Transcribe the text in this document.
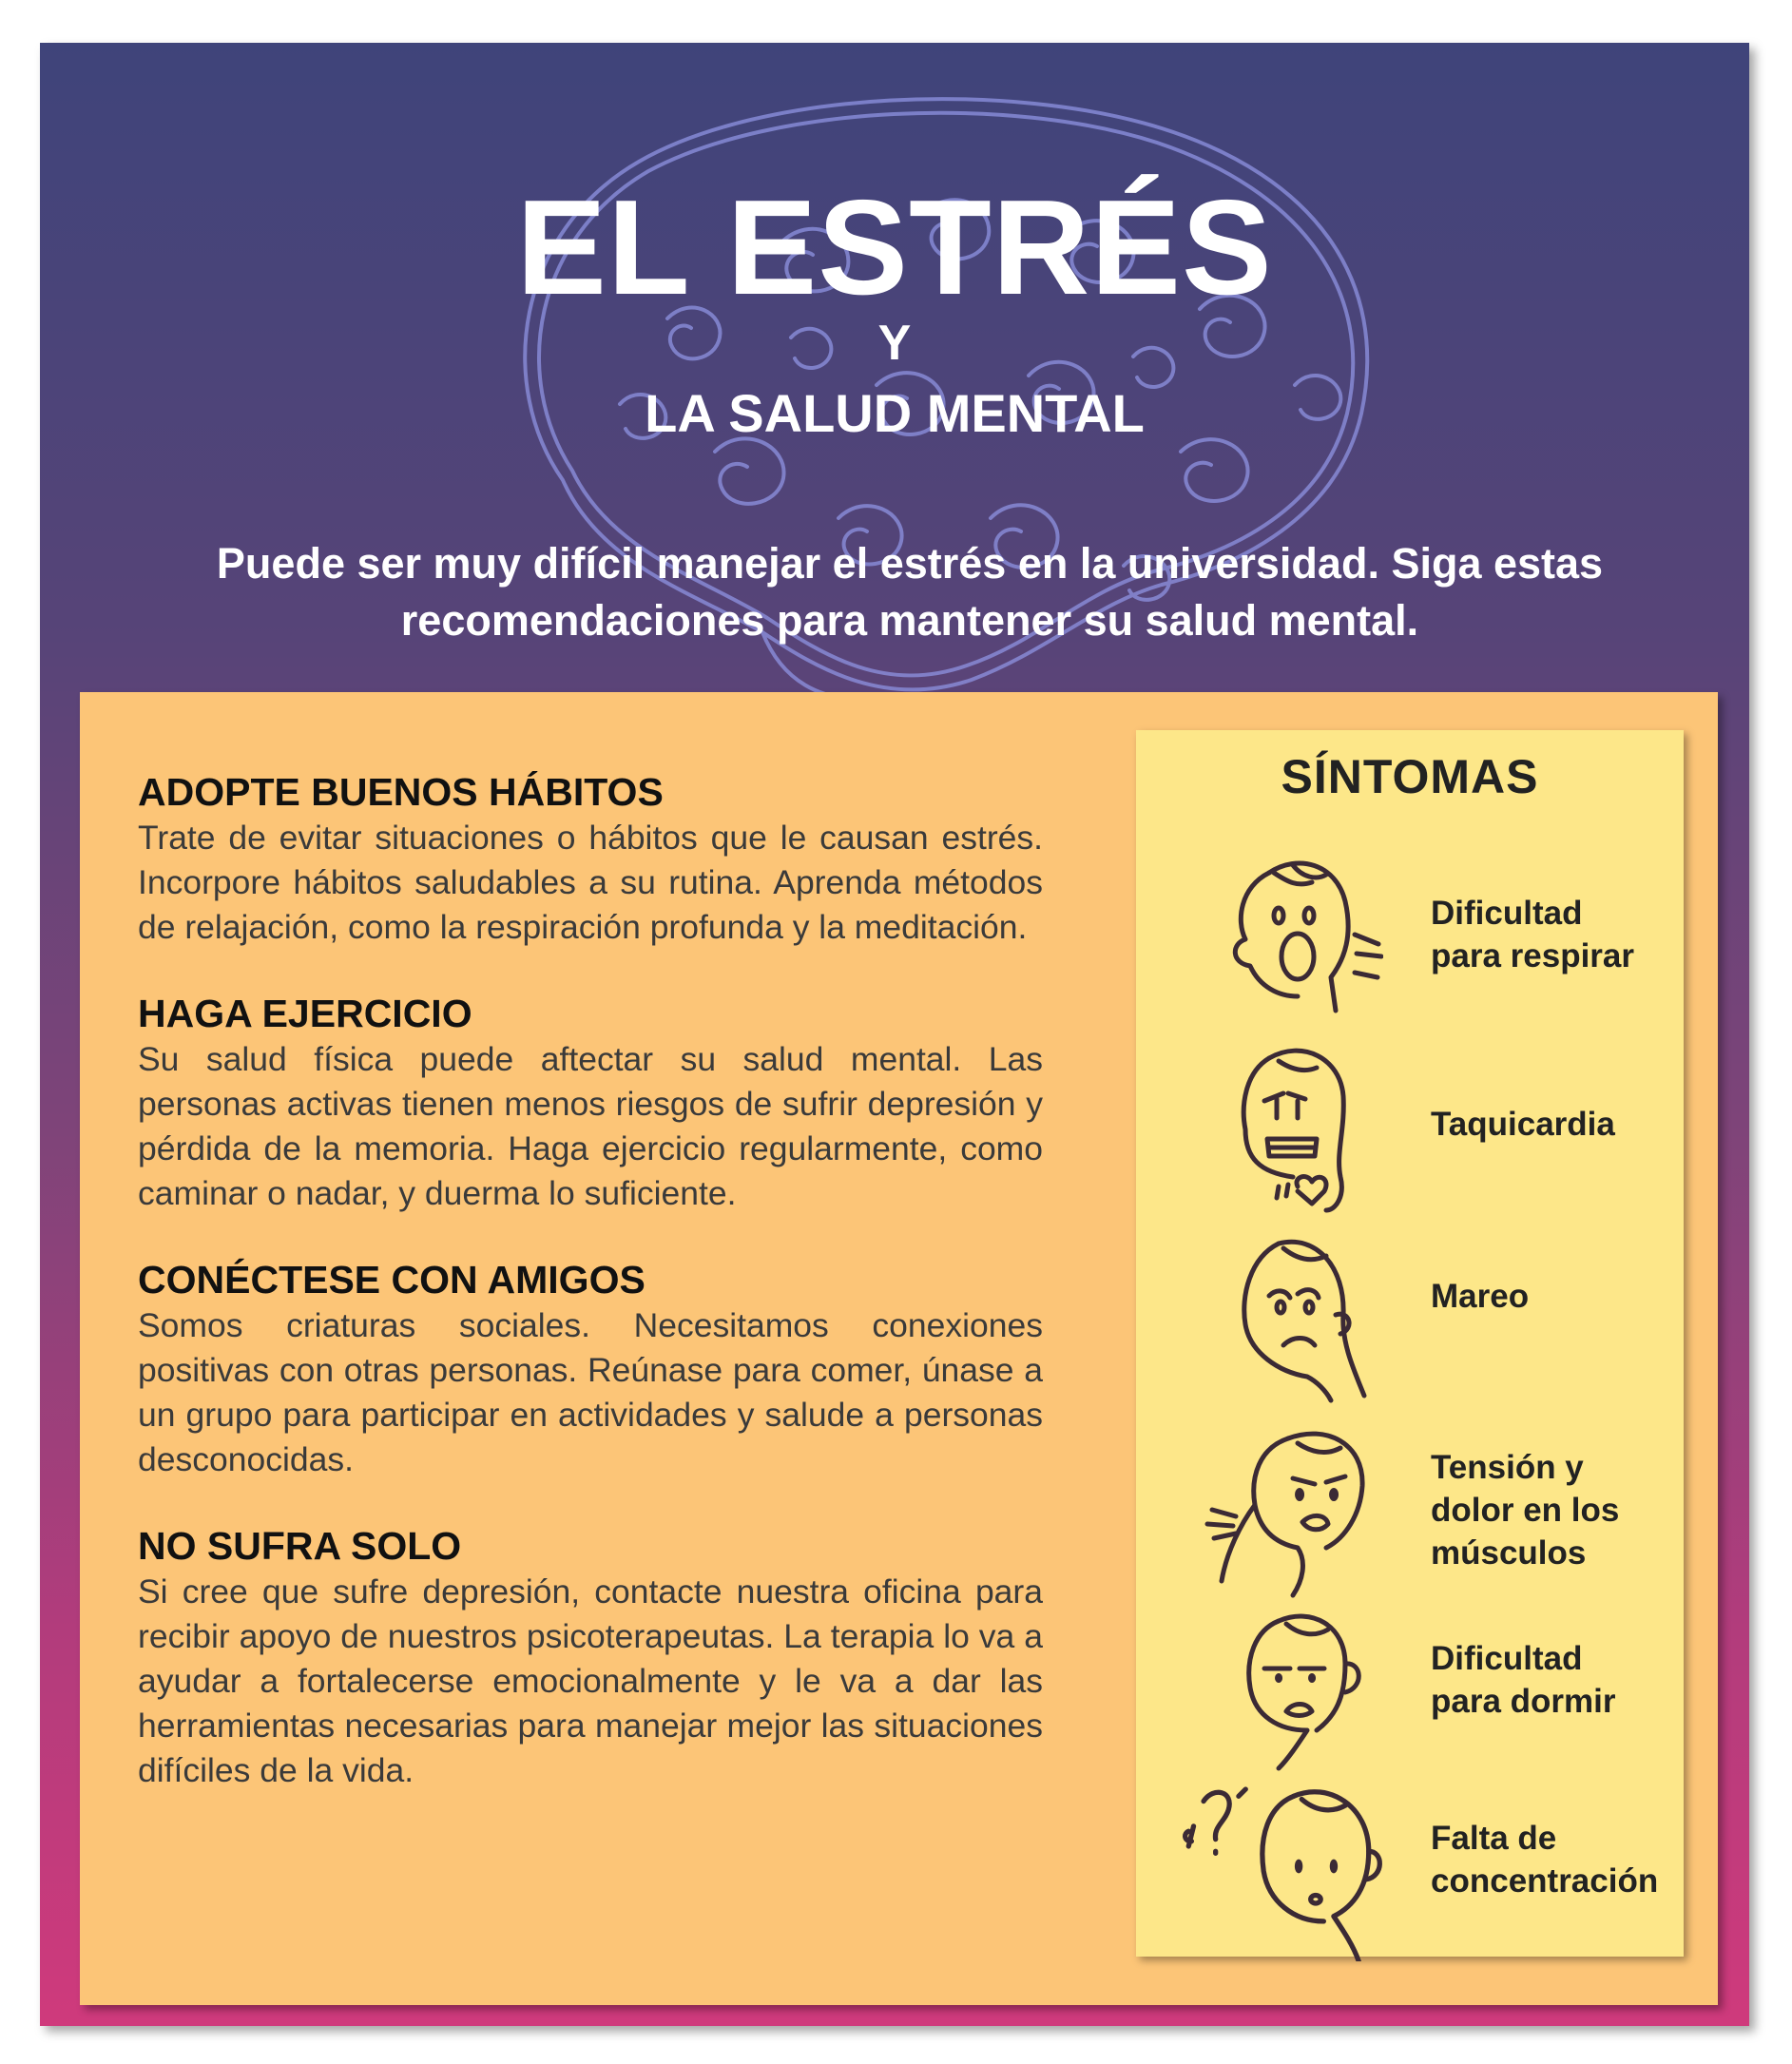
EL ESTRÉS
Y
LA SALUD MENTAL

Puede ser muy difícil manejar el estrés en la universidad. Siga estas recomendaciones para mantener su salud mental.

ADOPTE BUENOS HÁBITOS

Trate de evitar situaciones o hábitos que le causan estrés. Incorpore hábitos saludables a su rutina. Aprenda métodos de relajación, como la respiración profunda y la meditación.

HAGA EJERCICIO

Su salud física puede aftectar su salud mental. Las personas activas tienen menos riesgos de sufrir depresión y pérdida de la memoria. Haga ejercicio regularmente, como caminar o nadar, y duerma lo suficiente.

CONÉCTESE CON AMIGOS

Somos criaturas sociales. Necesitamos conexiones positivas con otras personas. Reúnase para comer, únase a un grupo para participar en actividades y salude a personas desconocidas.

NO SUFRA SOLO

Si cree que sufre depresión, contacte nuestra oficina para recibir apoyo de nuestros psicoterapeutas. La terapia lo va a ayudar a fortalecerse emocionalmente y le va a dar las herramientas necesarias para manejar mejor las situaciones difíciles de la vida.

SÍNTOMAS
Dificultad
para respirar
Taquicardia
Mareo
Tensión y
dolor en los
músculos
Dificultad
para dormir
Falta de
concentración
